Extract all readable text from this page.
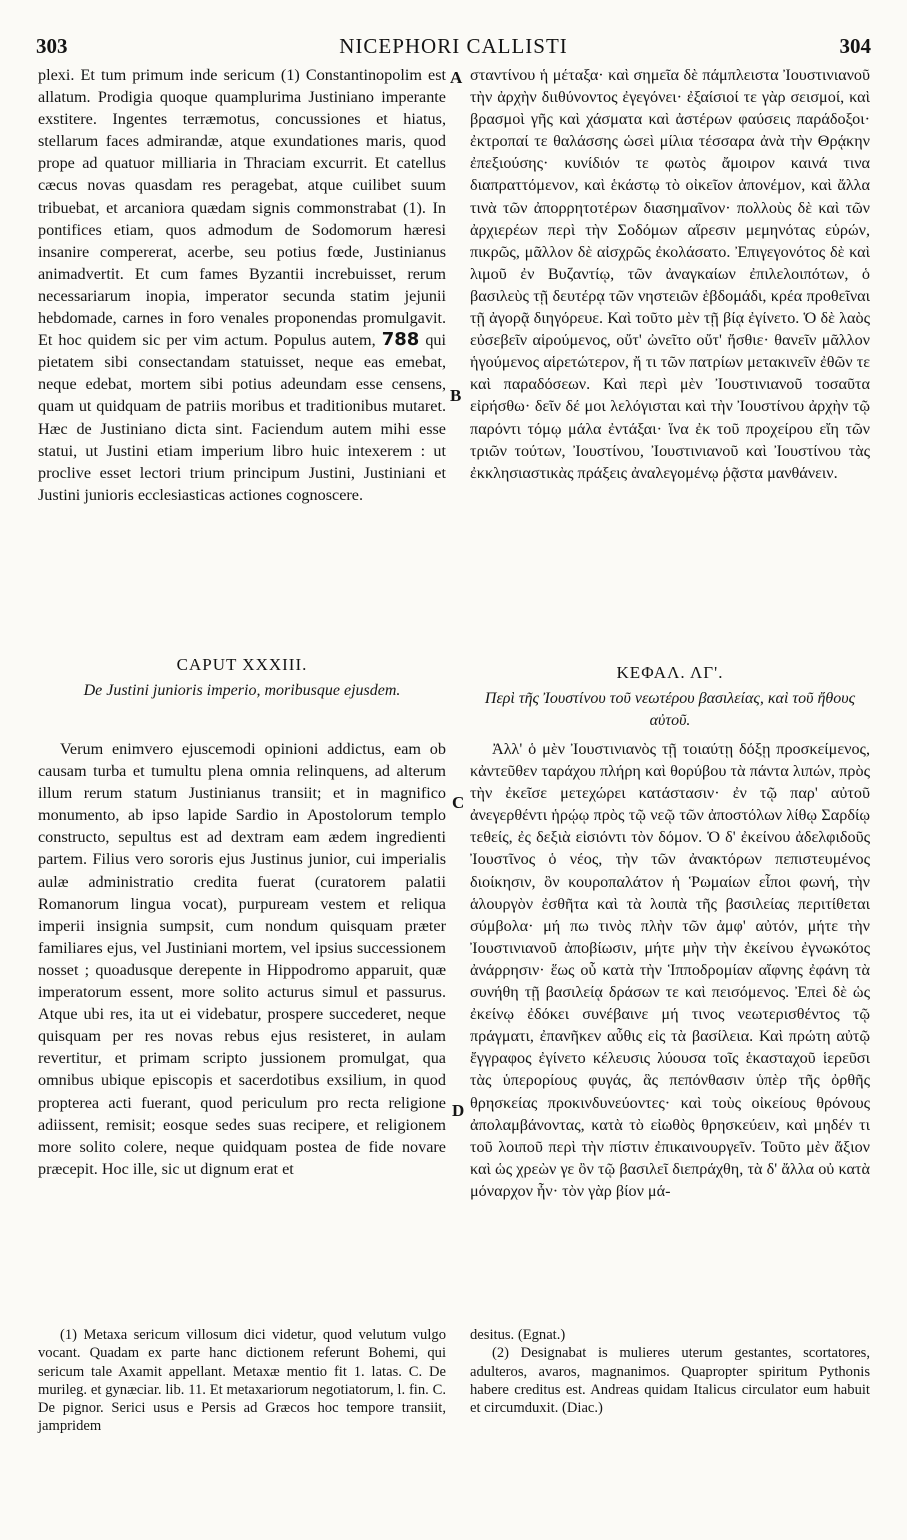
303	NICEPHORI CALLISTI	304
A
B
C
D

plexi. Et tum primum inde sericum (1) Constantinopolim est allatum. Prodigia quoque quamplurima Justiniano imperante exstitere. Ingentes terræmotus, concussiones et hiatus, stellarum faces admirandæ, atque exundationes maris, quod prope ad quatuor milliaria in Thraciam excurrit. Et catellus cæcus novas quasdam res peragebat, atque cuilibet suum tribuebat, et arcaniora quædam signis commonstrabat (1). In pontifices etiam, quos admodum de Sodomorum hæresi insanire compererat, acerbe, seu potius fœde, Justinianus animadvertit. Et cum fames Byzantii increbuisset, rerum necessariarum inopia, imperator secunda statim jejunii hebdomade, carnes in foro venales proponendas promulgavit. Et hoc quidem sic per vim actum. Populus autem, 788 qui pietatem sibi consectandam statuisset, neque eas emebat, neque edebat, mortem sibi potius adeundam esse censens, quam ut quidquam de patriis moribus et traditionibus mutaret. Hæc de Justiniano dicta sint. Faciendum autem mihi esse statui, ut Justini etiam imperium libro huic intexerem : ut proclive esset lectori trium principum Justini, Justiniani et Justini junioris ecclesiasticas actiones cognoscere.

CAPUT XXXIII.

De Justini junioris imperio, moribusque ejusdem.

Verum enimvero ejuscemodi opinioni addictus, eam ob causam turba et tumultu plena omnia relinquens, ad alterum illum rerum statum Justinianus transiit; et in magnifico monumento, ab ipso lapide Sardio in Apostolorum templo constructo, sepultus est ad dextram eam ædem ingredienti partem. Filius vero sororis ejus Justinus junior, cui imperialis aulæ administratio credita fuerat (curatorem palatii Romanorum lingua vocat), purpuream vestem et reliqua imperii insignia sumpsit, cum nondum quisquam præter familiares ejus, vel Justiniani mortem, vel ipsius successionem nosset ; quoadusque derepente in Hippodromo apparuit, quæ imperatorum essent, more solito acturus simul et passurus. Atque ubi res, ita ut ei videbatur, prospere succederet, neque quisquam per res novas rebus ejus resisteret, in aulam revertitur, et primam scripto jussionem promulgat, qua omnibus ubique episcopis et sacerdotibus exsilium, in quod propterea acti fuerant, quod periculum pro recta religione adiissent, remisit; eosque sedes suas recipere, et religionem more solito colere, neque quidquam postea de fide novare præcepit. Hoc ille, sic ut dignum erat et

(1) Metaxa sericum villosum dici videtur, quod velutum vulgo vocant. Quadam ex parte hanc dictionem referunt Bohemi, qui sericum tale Axamit appellant. Metaxæ mentio fit 1. latas. C. De murileg. et gynæciar. lib. 11. Et metaxariorum negotiatorum, l. fin. C. De pignor. Serici usus e Persis ad Græcos hoc tempore transiit, jampridem

σταντίνου ἡ μέταξα· καὶ σημεῖα δὲ πάμπλειστα Ἰουστινιανοῦ τὴν ἀρχὴν διιθύνοντος ἐγεγόνει· ἐξαίσιοί τε γὰρ σεισμοί, καὶ βρασμοὶ γῆς καὶ χάσματα καὶ ἀστέρων φαύσεις παράδοξοι· ἐκτροπαί τε θαλάσσης ὡσεὶ μίλια τέσσαρα ἀνὰ τὴν Θρᾴκην ἐπεξιούσης· κυνίδιόν τε φωτὸς ἄμοιρον καινά τινα διαπραττόμενον, καὶ ἑκάστῳ τὸ οἰκεῖον ἀπονέμον, καὶ ἄλλα τινὰ τῶν ἀπορρητοτέρων διασημαῖνον· πολλοὺς δὲ καὶ τῶν ἀρχιερέων περὶ τὴν Σοδόμων αἵρεσιν μεμηνότας εὑρών, πικρῶς, μᾶλλον δὲ αἰσχρῶς ἐκολάσατο. Ἐπιγεγονότος δὲ καὶ λιμοῦ ἐν Βυζαντίῳ, τῶν ἀναγκαίων ἐπιλελοιπότων, ὁ βασιλεὺς τῇ δευτέρᾳ τῶν νηστειῶν ἑβδομάδι, κρέα προθεῖναι τῇ ἀγορᾷ διηγόρευε. Καὶ τοῦτο μὲν τῇ βίᾳ ἐγίνετο. Ὁ δὲ λαὸς εὐσεβεῖν αἱρούμενος, οὔτ' ὠνεῖτο οὔτ' ἤσθιε· θανεῖν μᾶλλον ἡγούμενος αἱρετώτερον, ἤ τι τῶν πατρίων μετακινεῖν ἐθῶν τε καὶ παραδόσεων. Καὶ περὶ μὲν Ἰουστινιανοῦ τοσαῦτα εἰρήσθω· δεῖν δέ μοι λελόγισται καὶ τὴν Ἰουστίνου ἀρχὴν τῷ παρόντι τόμῳ μάλα ἐντάξαι· ἵνα ἐκ τοῦ προχείρου εἴη τῶν τριῶν τούτων, Ἰουστίνου, Ἰουστινιανοῦ καὶ Ἰουστίνου τὰς ἐκκλησιαστικὰς πράξεις ἀναλεγομένῳ ῥᾷστα μανθάνειν.

ΚΕΦΑΛ. ΛΓ'.

Περὶ τῆς Ἰουστίνου τοῦ νεωτέρου βασιλείας, καὶ τοῦ ἤθους αὐτοῦ.

Ἀλλ' ὁ μὲν Ἰουστινιανὸς τῇ τοιαύτῃ δόξῃ προσκείμενος, κἀντεῦθεν ταράχου πλήρη καὶ θορύβου τὰ πάντα λιπών, πρὸς τὴν ἐκεῖσε μετεχώρει κατάστασιν· ἐν τῷ παρ' αὐτοῦ ἀνεγερθέντι ἡρῴῳ πρὸς τῷ νεῷ τῶν ἀποστόλων λίθῳ Σαρδίῳ τεθείς, ἐς δεξιὰ εἰσιόντι τὸν δόμον. Ὁ δ' ἐκείνου ἀδελφιδοῦς Ἰουστῖνος ὁ νέος, τὴν τῶν ἀνακτόρων πεπιστευμένος διοίκησιν, ὃν κουροπαλάτον ἡ Ῥωμαίων εἶποι φωνή, τὴν ἁλουργὸν ἐσθῆτα καὶ τὰ λοιπὰ τῆς βασιλείας περιτίθεται σύμβολα· μή πω τινὸς πλὴν τῶν ἀμφ' αὐτόν, μήτε τὴν Ἰουστινιανοῦ ἀποβίωσιν, μήτε μὴν τὴν ἐκείνου ἐγνωκότος ἀνάρρησιν· ἕως οὗ κατὰ τὴν Ἱπποδρομίαν αἴφνης ἐφάνη τὰ συνήθη τῇ βασιλείᾳ δράσων τε καὶ πεισόμενος. Ἐπεὶ δὲ ὡς ἐκείνῳ ἐδόκει συνέβαινε μή τινος νεωτερισθέντος τῷ πράγματι, ἐπανῆκεν αὖθις εἰς τὰ βασίλεια. Καὶ πρώτη αὐτῷ ἔγγραφος ἐγίνετο κέλευσις λύουσα τοῖς ἑκασταχοῦ ἱερεῦσι τὰς ὑπερορίους φυγάς, ἃς πεπόνθασιν ὑπὲρ τῆς ὀρθῆς θρησκείας προκινδυνεύοντες· καὶ τοὺς οἰκείους θρόνους ἀπολαμβάνοντας, κατὰ τὸ εἰωθὸς θρησκεύειν, καὶ μηδέν τι τοῦ λοιποῦ περὶ τὴν πίστιν ἐπικαινουργεῖν. Τοῦτο μὲν ἄξιον καὶ ὡς χρεὼν γε ὂν τῷ βασιλεῖ διεπράχθη, τὰ δ' ἄλλα οὐ κατὰ μόναρχον ἦν· τὸν γὰρ βίον μά-

desitus. (Egnat.)

(2) Designabat is mulieres uterum gestantes, scortatores, adulteros, avaros, magnanimos. Quapropter spiritum Pythonis habere creditus est. Andreas quidam Italicus circulator eum habuit et circumduxit. (Diac.)
